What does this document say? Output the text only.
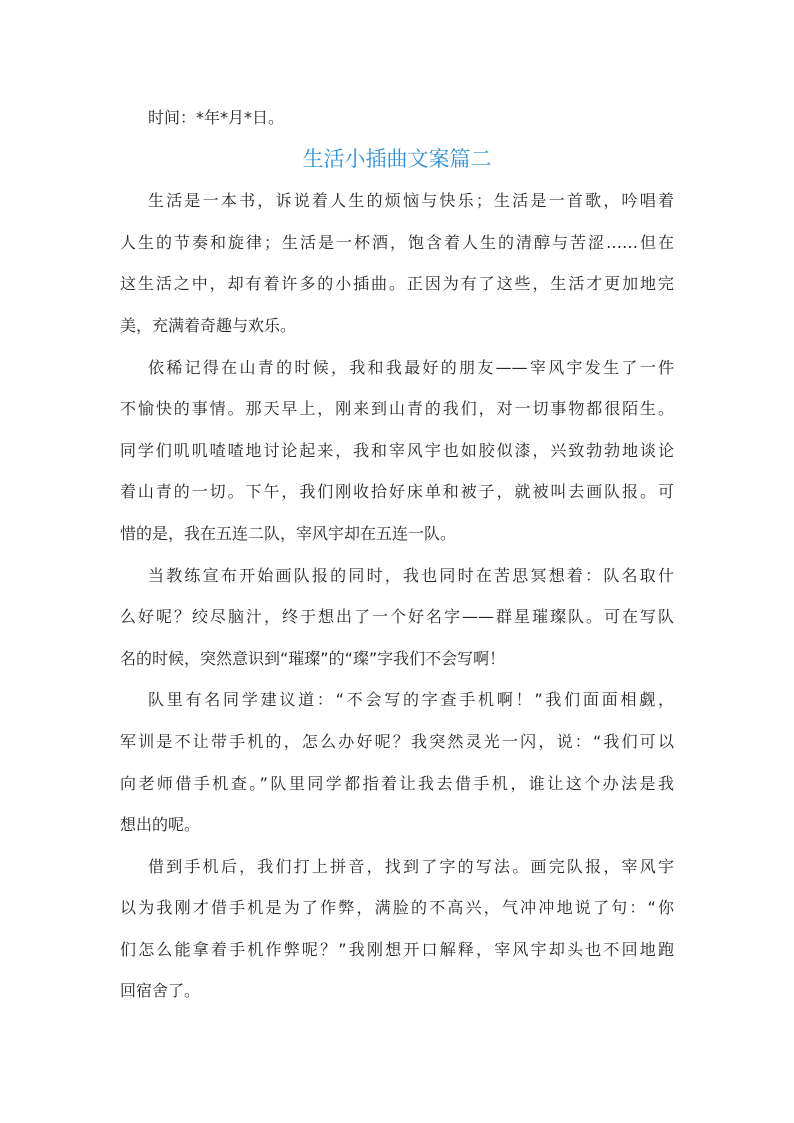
时间：*年*月*日。
生活小插曲文案篇二
生活是一本书，诉说着人生的烦恼与快乐；生活是一首歌，吟唱着
人生的节奏和旋律；生活是一杯酒，饱含着人生的清醇与苦涩……但在
这生活之中，却有着许多的小插曲。正因为有了这些，生活才更加地完
美，充满着奇趣与欢乐。
依稀记得在山青的时候，我和我最好的朋友——宰风宇发生了一件
不愉快的事情。那天早上，刚来到山青的我们，对一切事物都很陌生。
同学们叽叽喳喳地讨论起来，我和宰风宇也如胶似漆，兴致勃勃地谈论
着山青的一切。下午，我们刚收拾好床单和被子，就被叫去画队报。可
惜的是，我在五连二队，宰风宇却在五连一队。
当教练宣布开始画队报的同时，我也同时在苦思冥想着：队名取什
么好呢？绞尽脑汁，终于想出了一个好名字——群星璀璨队。可在写队
名的时候，突然意识到“璀璨”的“璨”字我们不会写啊！
队里有名同学建议道：“不会写的字查手机啊！”我们面面相觑，
军训是不让带手机的，怎么办好呢？我突然灵光一闪，说：“我们可以
向老师借手机查。”队里同学都指着让我去借手机，谁让这个办法是我
想出的呢。
借到手机后，我们打上拼音，找到了字的写法。画完队报，宰风宇
以为我刚才借手机是为了作弊，满脸的不高兴，气冲冲地说了句：“你
们怎么能拿着手机作弊呢？”我刚想开口解释，宰风宇却头也不回地跑
回宿舍了。
